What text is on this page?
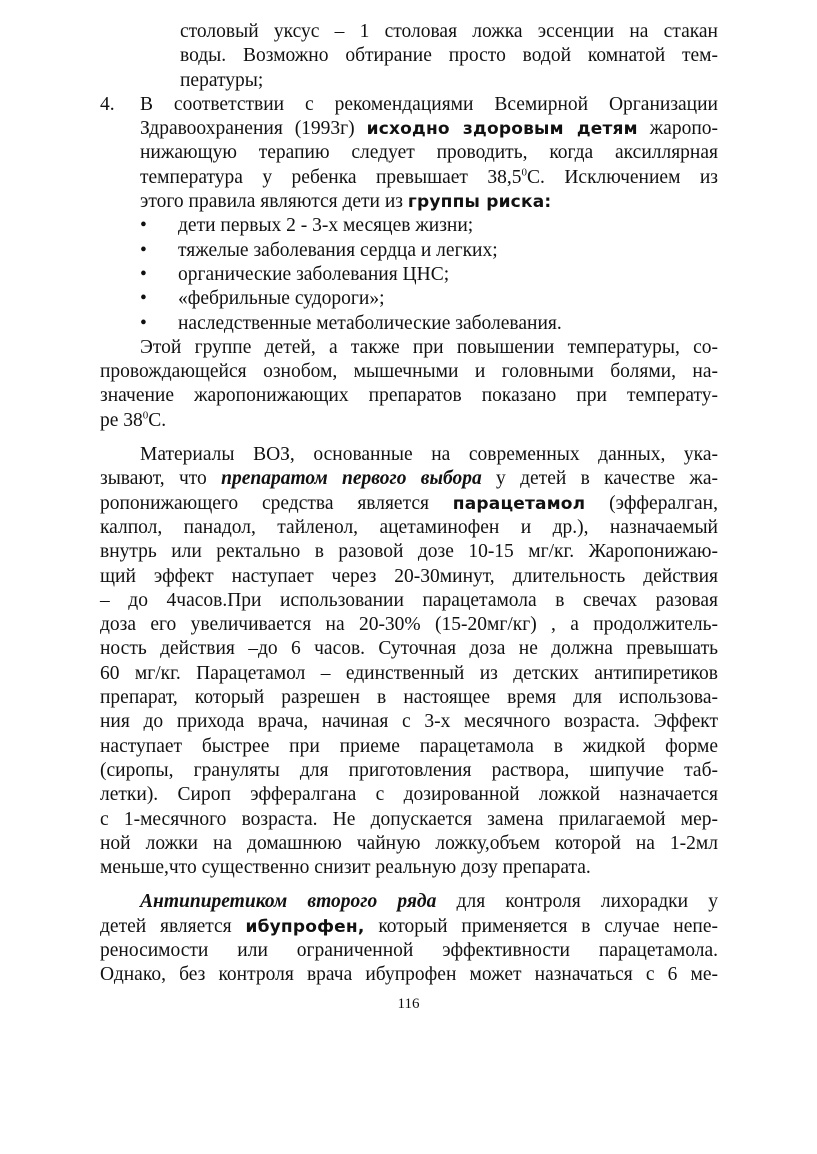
столовый уксус – 1 столовая ложка эссенции на стакан
воды. Возможно обтирание просто водой комнатой тем-
пературы;
4. В соответствии с рекомендациями Всемирной Организации
Здравоохранения (1993г) исходно здоровым детям жаропо-
нижающую терапию следует проводить, когда аксиллярная
температура у ребенка превышает 38,5$^0$С. Исключением из
этого правила являются дети из группы риска:
•	дети первых 2 - 3-х месяцев жизни;
•	тяжелые заболевания сердца и легких;
•	органические заболевания ЦНС;
•	«фебрильные судороги»;
•	наследственные метаболические заболевания.
Этой группе детей, а также при повышении температуры, со-
провождающейся ознобом, мышечными и головными болями, на-
значение жаропонижающих препаратов показано при температу-
ре $38^0С$.
Материалы ВОЗ, основанные на современных данных, ука-
зывают, что препаратом первого выбора у детей в качестве жа-
ропонижающего средства является парацетамол (эффералган,
калпол, панадол, тайленол, ацетаминофен и др.), назначаемый
внутрь или ректально в разовой дозе 10-15 мг/кг. Жаропонижаю-
щий эффект наступает через 20-30минут, длительность действия
– до 4часов.При использовании парацетамола в свечах разовая
доза его увеличивается на 20-30% (15-20мг/кг) , а продолжитель-
ность действия –до 6 часов. Суточная доза не должна превышать
60 мг/кг. Парацетамол – единственный из детских антипиретиков
препарат, который разрешен в настоящее время для использова-
ния до прихода врача, начиная с 3-х месячного возраста. Эффект
наступает быстрее при приеме парацетамола в жидкой форме
(сиропы, грануляты для приготовления раствора, шипучие таб-
летки). Сироп эффералгана с дозированной ложкой назначается
с 1-месячного возраста. Не допускается замена прилагаемой мер-
ной ложки на домашнюю чайную ложку,объем которой на 1-2мл
меньше,что существенно снизит реальную дозу препарата.
Антипиретиком второго ряда для контроля лихорадки у
детей является ибупрофен, который применяется в случае непе-
реносимости или ограниченной эффективности парацетамола.
Однако, без контроля врача ибупрофен может назначаться с 6 ме-
116
